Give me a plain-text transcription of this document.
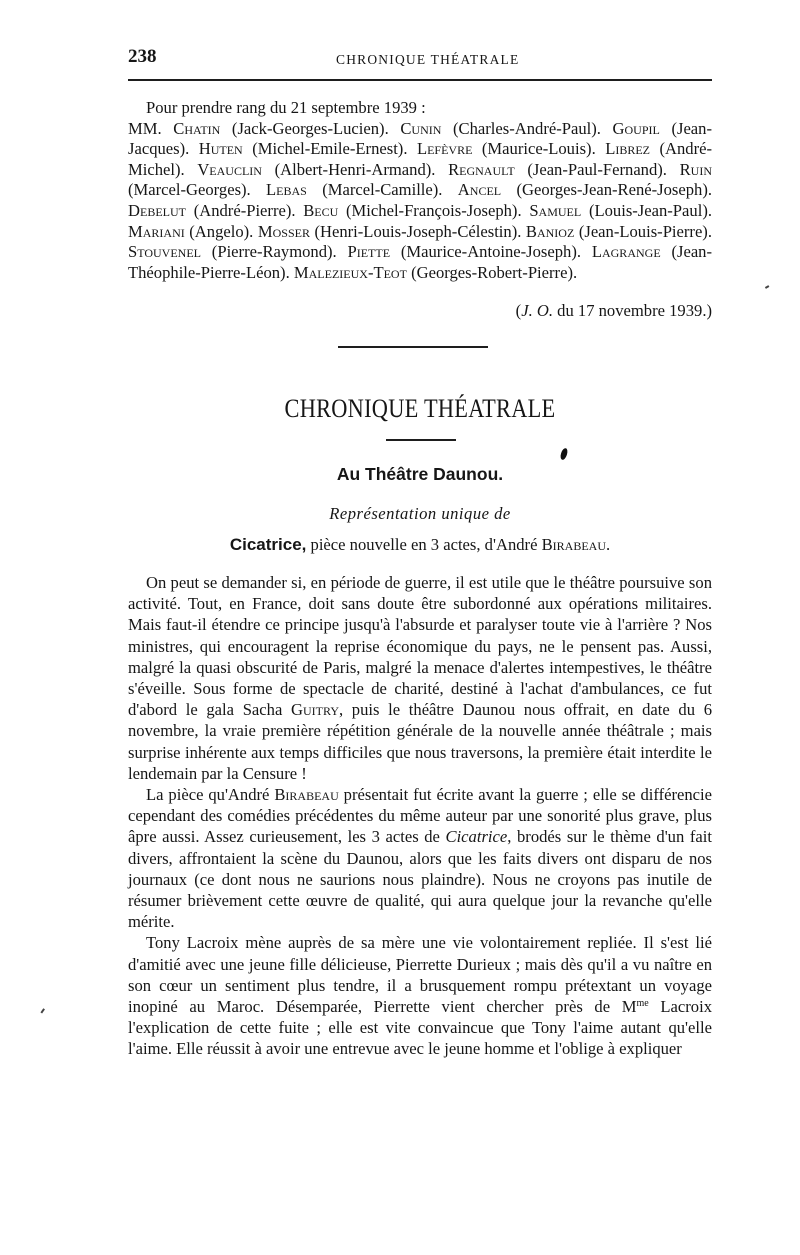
238	CHRONIQUE THÉATRALE

Pour prendre rang du 21 septembre 1939 :

MM. Chatin (Jack-Georges-Lucien). Cunin (Charles-André-Paul). Goupil (Jean-Jacques). Huten (Michel-Emile-Ernest). Lefèvre (Maurice-Louis). Librez (André-Michel). Veauclin (Albert-Henri-Armand). Regnault (Jean-Paul-Fernand). Ruin (Marcel-Georges). Lebas (Marcel-Camille). Ancel (Georges-Jean-René-Joseph). Debelut (André-Pierre). Becu (Michel-François-Joseph). Samuel (Louis-Jean-Paul). Mariani (Angelo). Mosser (Henri-Louis-Joseph-Célestin). Banioz (Jean-Louis-Pierre). Stouvenel (Pierre-Raymond). Piette (Maurice-Antoine-Joseph). Lagrange (Jean-Théophile-Pierre-Léon). Malezieux-Teot (Georges-Robert-Pierre).

(J. O. du 17 novembre 1939.)
CHRONIQUE THÉATRALE
Au Théâtre Daunou.
Représentation unique de
Cicatrice, pièce nouvelle en 3 actes, d'André Birabeau.

On peut se demander si, en période de guerre, il est utile que le théâtre poursuive son activité. Tout, en France, doit sans doute être subordonné aux opérations militaires. Mais faut-il étendre ce principe jusqu'à l'absurde et paralyser toute vie à l'arrière ? Nos ministres, qui encouragent la reprise économique du pays, ne le pensent pas. Aussi, malgré la quasi obscurité de Paris, malgré la menace d'alertes intempestives, le théâtre s'éveille. Sous forme de spectacle de charité, destiné à l'achat d'ambulances, ce fut d'abord le gala Sacha Guitry, puis le théâtre Daunou nous offrait, en date du 6 novembre, la vraie première répétition générale de la nouvelle année théâtrale ; mais surprise inhérente aux temps difficiles que nous traversons, la première était interdite le lendemain par la Censure !

La pièce qu'André Birabeau présentait fut écrite avant la guerre ; elle se différencie cependant des comédies précédentes du même auteur par une sonorité plus grave, plus âpre aussi. Assez curieusement, les 3 actes de Cicatrice, brodés sur le thème d'un fait divers, affrontaient la scène du Daunou, alors que les faits divers ont disparu de nos journaux (ce dont nous ne saurions nous plaindre). Nous ne croyons pas inutile de résumer brièvement cette œuvre de qualité, qui aura quelque jour la revanche qu'elle mérite.

Tony Lacroix mène auprès de sa mère une vie volontairement repliée. Il s'est lié d'amitié avec une jeune fille délicieuse, Pierrette Durieux ; mais dès qu'il a vu naître en son cœur un sentiment plus tendre, il a brusquement rompu prétextant un voyage inopiné au Maroc. Désemparée, Pierrette vient chercher près de $M^{me}$ Lacroix l'explication de cette fuite ; elle est vite convaincue que Tony l'aime autant qu'elle l'aime. Elle réussit à avoir une entrevue avec le jeune homme et l'oblige à expliquer
